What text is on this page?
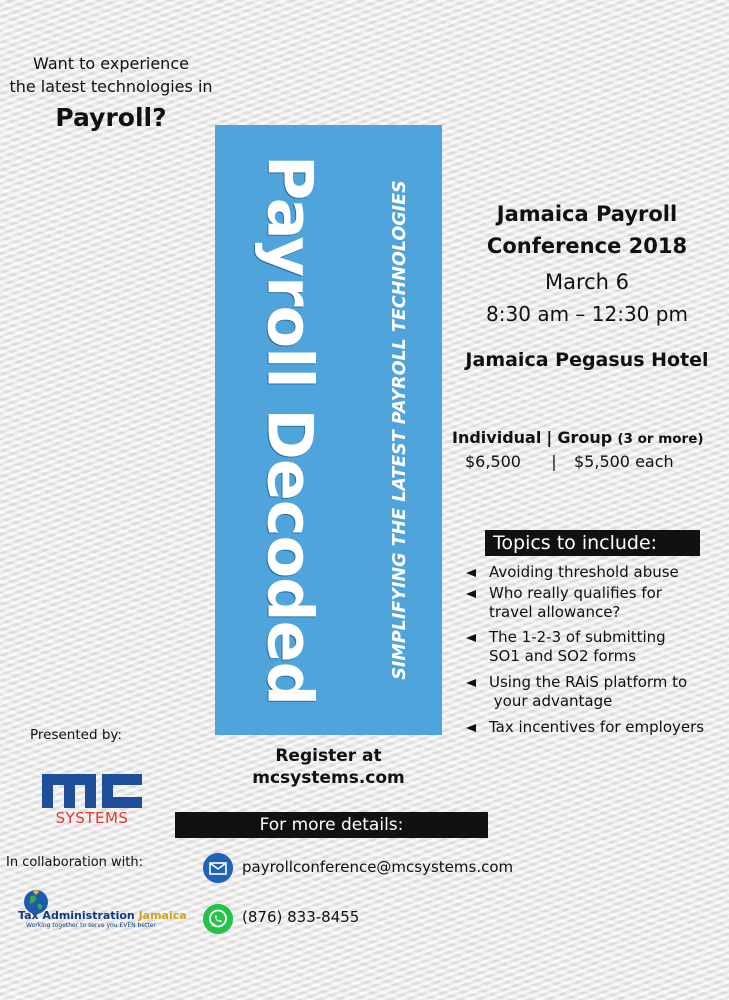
Want to experience
the latest technologies in
Payroll?
Payroll Decoded	SIMPLIFYING THE LATEST PAYROLL TECHNOLOGIES	Jamaica Payroll
Conference 2018
March 6
8:30 am – 12:30 pm
Jamaica Pegasus Hotel
Individual | Group (3 or more)
$6,500 | $5,500 each
Topics to include:
Avoiding threshold abuse
Who really qualifies for
travel allowance?
The 1-2-3 of submitting
SO1 and SO2 forms
Using the RAiS platform to
your advantage
Tax incentives for employers
Register at
mcsystems.com
Presented by:
SYSTEMS
In collaboration with:
Tax Administration Jamaica
Working together to serve you EVEN better
For more details:
payrollconference@mcsystems.com
(876) 833-8455
